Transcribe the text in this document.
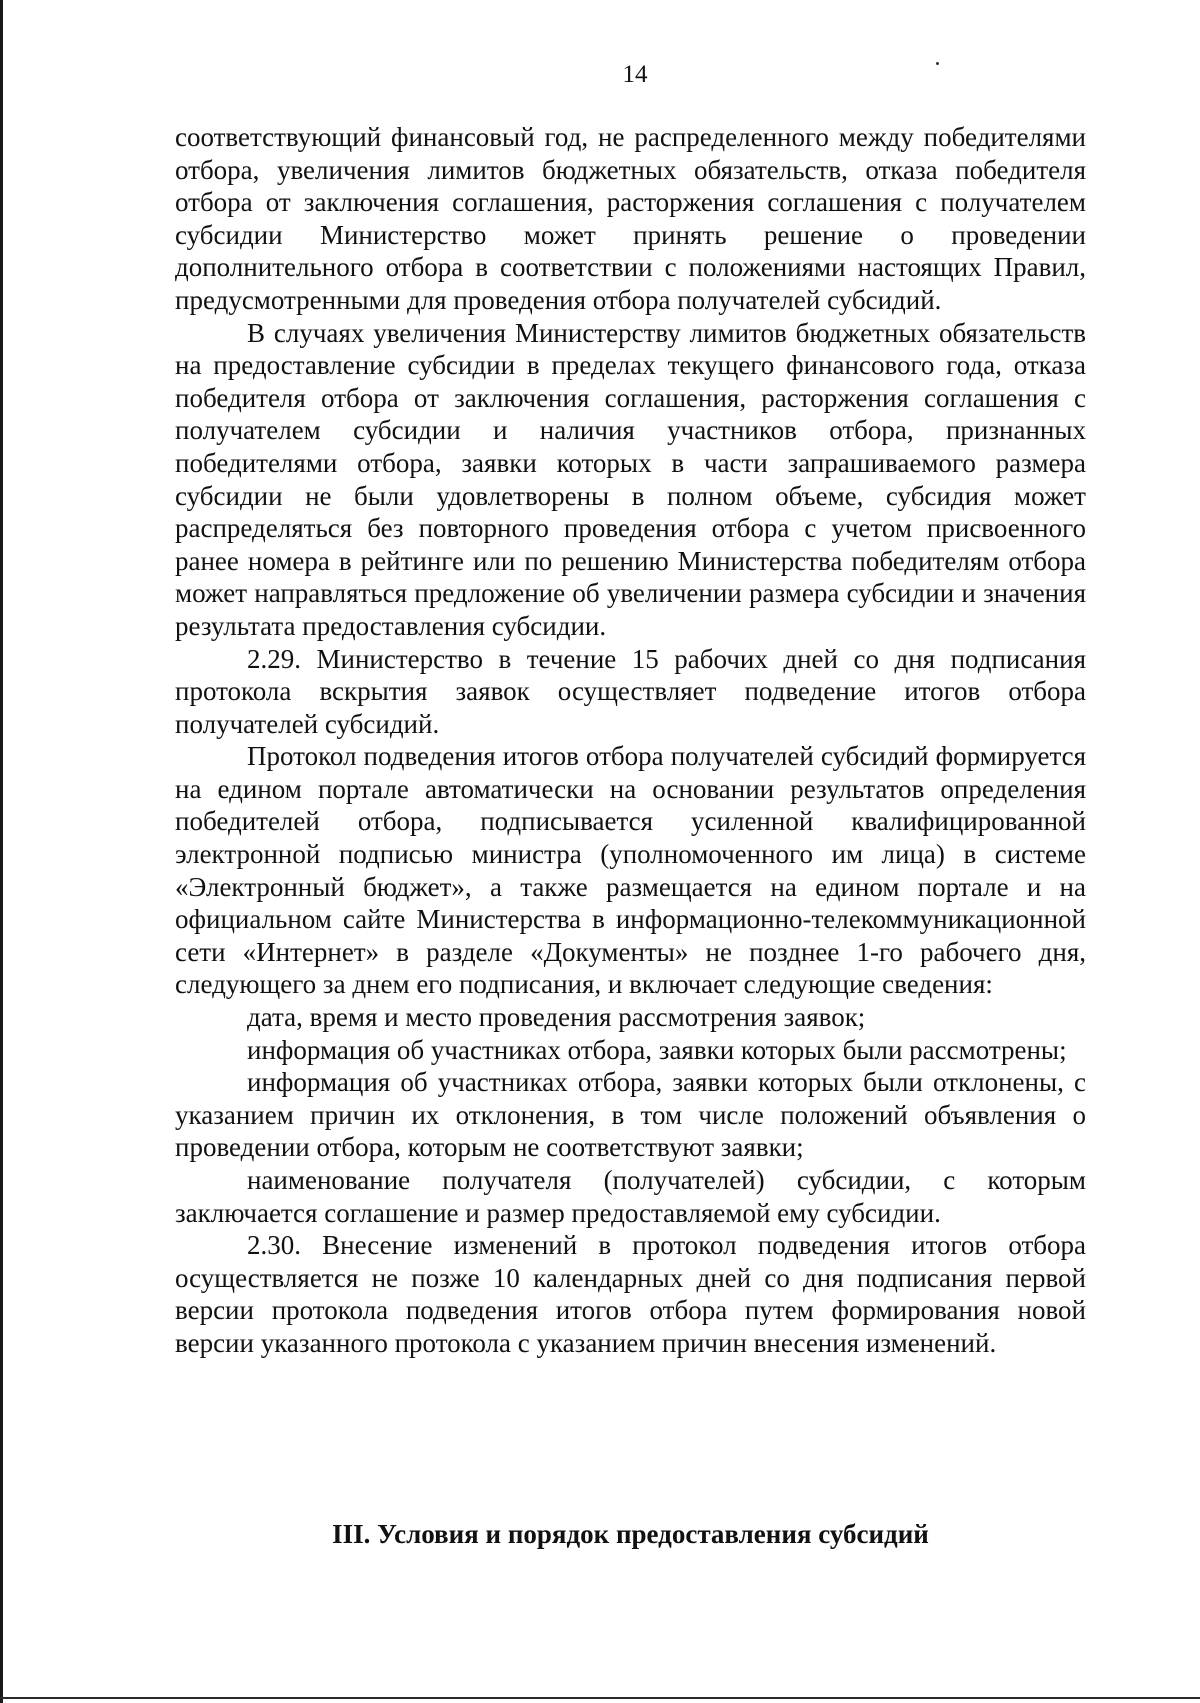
14

соответствующий финансовый год, не распределенного между победителями отбора, увеличения лимитов бюджетных обязательств, отказа победителя отбора от заключения соглашения, расторжения соглашения с получателем субсидии Министерство может принять решение о проведении дополнительного отбора в соответствии с положениями настоящих Правил, предусмотренными для проведения отбора получателей субсидий.

В случаях увеличения Министерству лимитов бюджетных обязательств на предоставление субсидии в пределах текущего финансового года, отказа победителя отбора от заключения соглашения, расторжения соглашения с получателем субсидии и наличия участников отбора, признанных победителями отбора, заявки которых в части запрашиваемого размера субсидии не были удовлетворены в полном объеме, субсидия может распределяться без повторного проведения отбора с учетом присвоенного ранее номера в рейтинге или по решению Министерства победителям отбора может направляться предложение об увеличении размера субсидии и значения результата предоставления субсидии.

2.29. Министерство в течение 15 рабочих дней со дня подписания протокола вскрытия заявок осуществляет подведение итогов отбора получателей субсидий.

Протокол подведения итогов отбора получателей субсидий формируется на едином портале автоматически на основании результатов определения победителей отбора, подписывается усиленной квалифицированной электронной подписью министра (уполномоченного им лица) в системе «Электронный бюджет», а также размещается на едином портале и на официальном сайте Министерства в информационно-телекоммуникационной сети «Интернет» в разделе «Документы» не позднее 1-го рабочего дня, следующего за днем его подписания, и включает следующие сведения:

дата, время и место проведения рассмотрения заявок;

информация об участниках отбора, заявки которых были рассмотрены;

информация об участниках отбора, заявки которых были отклонены, с указанием причин их отклонения, в том числе положений объявления о проведении отбора, которым не соответствуют заявки;

наименование получателя (получателей) субсидии, с которым заключается соглашение и размер предоставляемой ему субсидии.

2.30. Внесение изменений в протокол подведения итогов отбора осуществляется не позже 10 календарных дней со дня подписания первой версии протокола подведения итогов отбора путем формирования новой версии указанного протокола с указанием причин внесения изменений.

III. Условия и порядок предоставления субсидий
